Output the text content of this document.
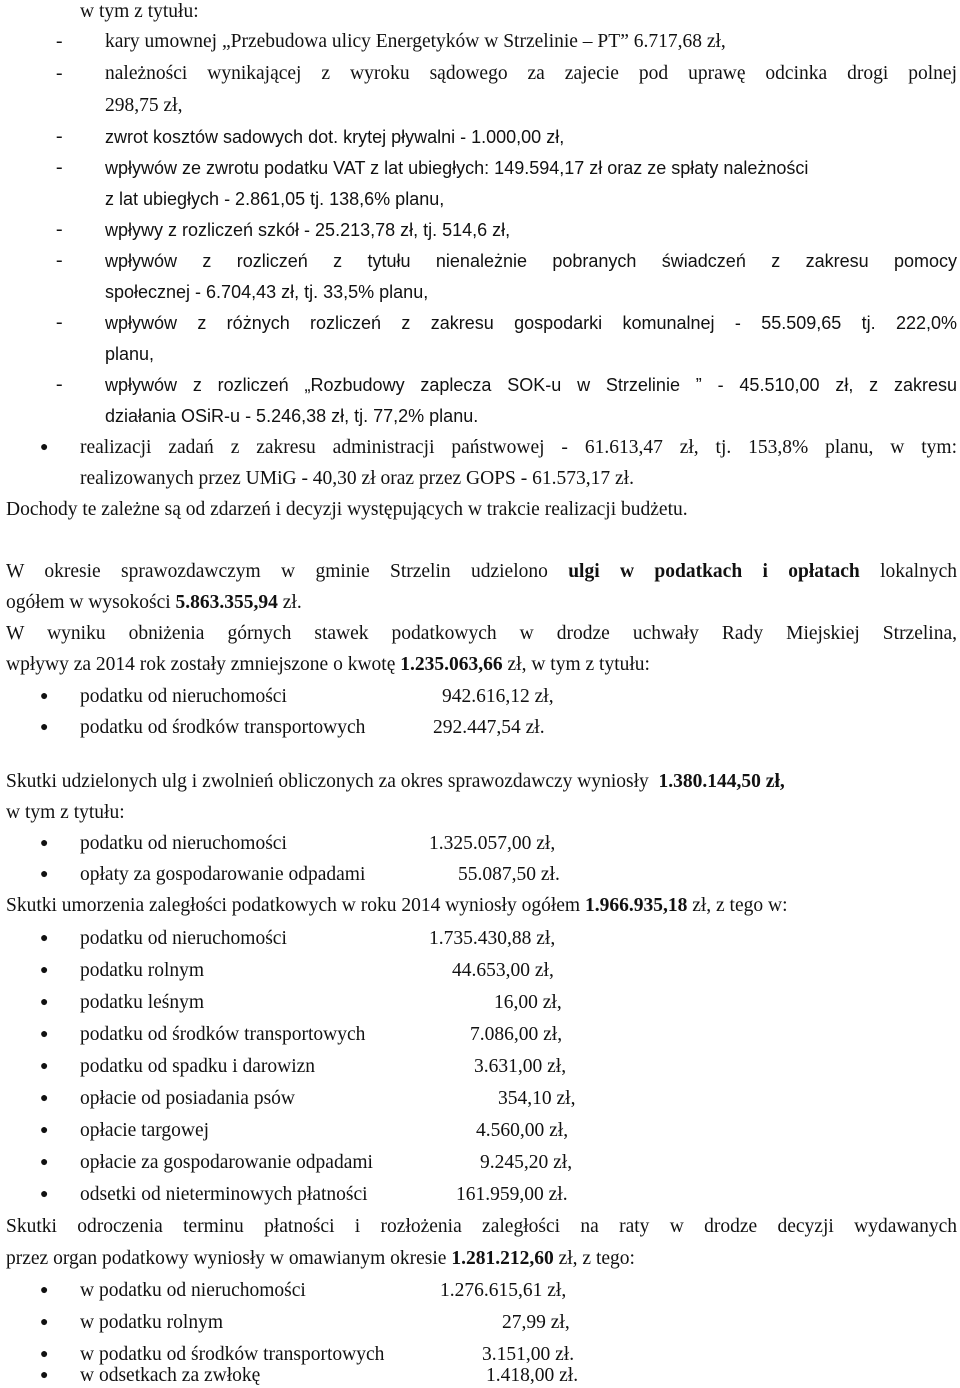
w tym z tytułu:
- kary umownej „Przebudowa ulicy Energetyków w Strzelinie – PT” 6.717,68 zł,
- należności wynikającej z wyroku sądowego za zajecie pod uprawę odcinka drogi polnej
298,75 zł,
- zwrot kosztów sadowych dot. krytej pływalni - 1.000,00 zł,
- wpływów ze zwrotu podatku VAT z lat ubiegłych: 149.594,17 zł oraz ze spłaty należności
z lat ubiegłych - 2.861,05 tj. 138,6% planu,
- wpływy z rozliczeń szkół - 25.213,78 zł, tj. 514,6 zł,
- wpływów z rozliczeń z tytułu nienależnie pobranych świadczeń z zakresu pomocy
społecznej - 6.704,43 zł, tj. 33,5% planu,
- wpływów z różnych rozliczeń z zakresu gospodarki komunalnej - 55.509,65 tj. 222,0%
planu,
- wpływów z rozliczeń „Rozbudowy zaplecza SOK-u w Strzelinie ” - 45.510,00 zł, z zakresu
działania OSiR-u - 5.246,38 zł, tj. 77,2% planu.
● realizacji zadań z zakresu administracji państwowej - 61.613,47 zł, tj. 153,8% planu, w tym:
realizowanych przez UMiG - 40,30 zł oraz przez GOPS - 61.573,17 zł.
Dochody te zależne są od zdarzeń i decyzji występujących w trakcie realizacji budżetu.
W okresie sprawozdawczym w gminie Strzelin udzielono ulgi w podatkach i opłatach lokalnych
ogółem w wysokości 5.863.355,94 zł.
W wyniku obniżenia górnych stawek podatkowych w drodze uchwały Rady Miejskiej Strzelina,
wpływy za 2014 rok zostały zmniejszone o kwotę 1.235.063,66 zł, w tym z tytułu:
● podatku od nieruchomości	942.616,12 zł,
● podatku od środków transportowych	292.447,54 zł.
Skutki udzielonych ulg i zwolnień obliczonych za okres sprawozdawczy wyniosły 1.380.144,50 zł,
w tym z tytułu:
● podatku od nieruchomości	1.325.057,00 zł,
● opłaty za gospodarowanie odpadami	55.087,50 zł.
Skutki umorzenia zaległości podatkowych w roku 2014 wyniosły ogółem 1.966.935,18 zł, z tego w:
● podatku od nieruchomości	1.735.430,88 zł,
● podatku rolnym	44.653,00 zł,
● podatku leśnym	16,00 zł,
● podatku od środków transportowych	7.086,00 zł,
● podatku od spadku i darowizn	3.631,00 zł,
● opłacie od posiadania psów	354,10 zł,
● opłacie targowej	4.560,00 zł,
● opłacie za gospodarowanie odpadami	9.245,20 zł,
● odsetki od nieterminowych płatności	161.959,00 zł.
Skutki odroczenia terminu płatności i rozłożenia zaległości na raty w drodze decyzji wydawanych
przez organ podatkowy wyniosły w omawianym okresie 1.281.212,60 zł, z tego:
● w podatku od nieruchomości	1.276.615,61 zł,
● w podatku rolnym	27,99 zł,
● w podatku od środków transportowych	3.151,00 zł.
● w odsetkach za zwłokę	1.418,00 zł.
